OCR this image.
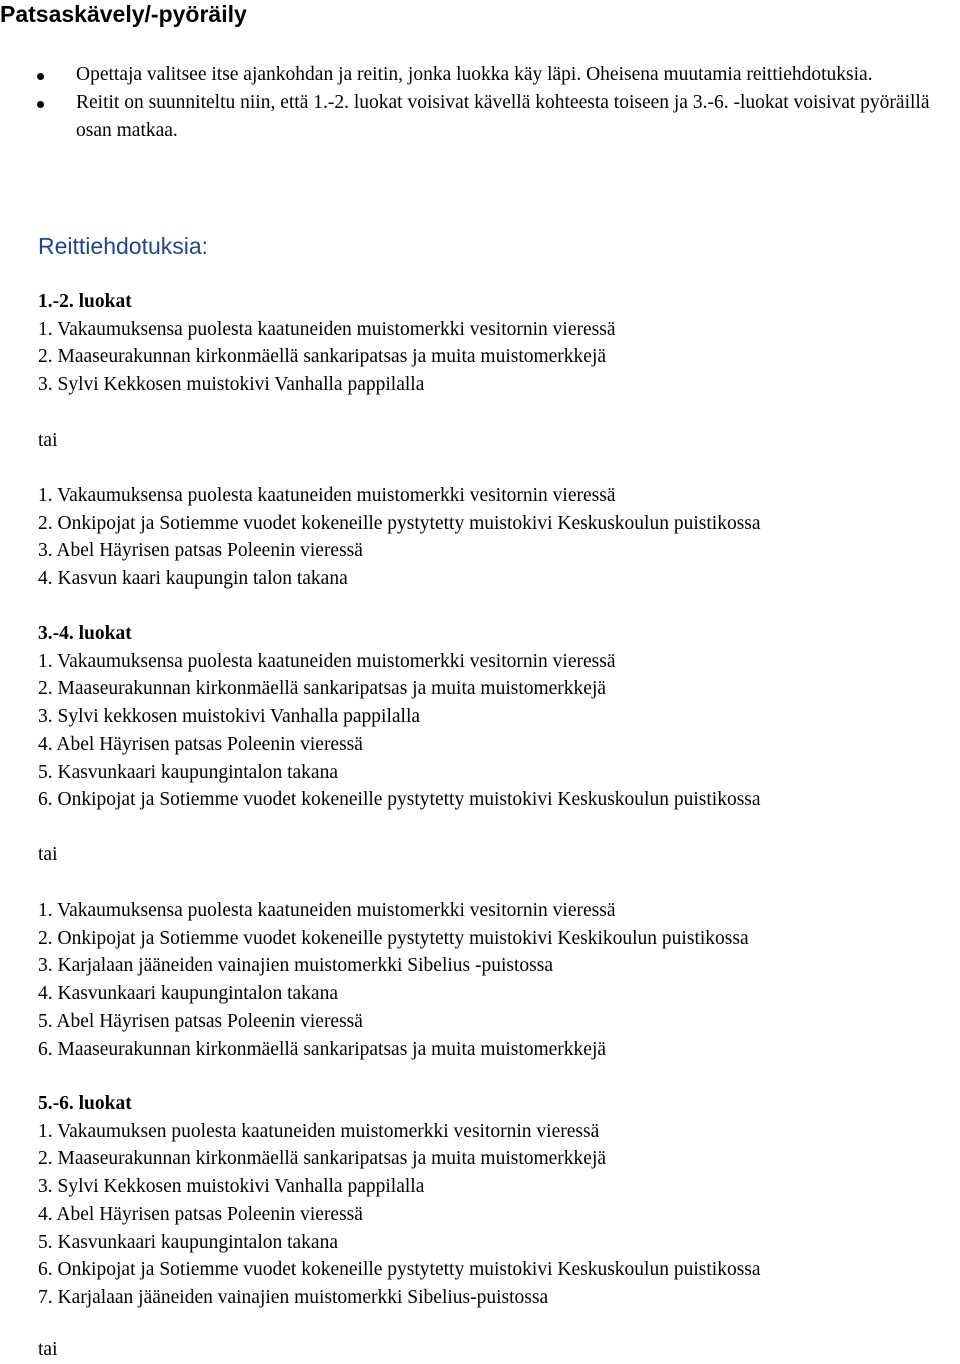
Patsaskävely/-pyöräily
Opettaja valitsee itse ajankohdan ja reitin, jonka luokka käy läpi. Oheisena muutamia reittiehdotuksia.
Reitit on suunniteltu niin, että 1.-2. luokat voisivat kävellä kohteesta toiseen ja 3.-6. -luokat voisivat pyöräillä osan matkaa.
Reittiehdotuksia:
1.-2. luokat
1. Vakaumuksensa puolesta kaatuneiden muistomerkki vesitornin vieressä
2. Maaseurakunnan kirkonmäellä sankaripatsas ja muita muistomerkkejä
3. Sylvi Kekkosen muistokivi Vanhalla pappilalla
tai
1. Vakaumuksensa puolesta kaatuneiden muistomerkki vesitornin vieressä
2. Onkipojat ja Sotiemme vuodet kokeneille pystytetty muistokivi Keskuskoulun puistikossa
3. Abel Häyrisen patsas Poleenin vieressä
4. Kasvun kaari kaupungin talon takana
3.-4. luokat
1. Vakaumuksensa puolesta kaatuneiden muistomerkki vesitornin vieressä
2. Maaseurakunnan kirkonmäellä sankaripatsas ja muita muistomerkkejä
3. Sylvi kekkosen muistokivi Vanhalla pappilalla
4. Abel Häyrisen patsas Poleenin vieressä
5. Kasvunkaari kaupungintalon takana
6. Onkipojat ja Sotiemme vuodet kokeneille pystytetty muistokivi Keskuskoulun puistikossa
tai
1. Vakaumuksensa puolesta kaatuneiden muistomerkki vesitornin vieressä
2. Onkipojat ja Sotiemme vuodet kokeneille pystytetty muistokivi Keskikoulun puistikossa
3. Karjalaan jääneiden vainajien muistomerkki Sibelius -puistossa
4. Kasvunkaari kaupungintalon takana
5. Abel Häyrisen patsas Poleenin vieressä
6. Maaseurakunnan kirkonmäellä sankaripatsas ja muita muistomerkkejä
5.-6. luokat
1. Vakaumuksen puolesta kaatuneiden muistomerkki vesitornin vieressä
2. Maaseurakunnan kirkonmäellä sankaripatsas ja muita muistomerkkejä
3. Sylvi Kekkosen muistokivi Vanhalla pappilalla
4. Abel Häyrisen patsas Poleenin vieressä
5. Kasvunkaari kaupungintalon takana
6. Onkipojat ja Sotiemme vuodet kokeneille pystytetty muistokivi Keskuskoulun puistikossa
7. Karjalaan jääneiden vainajien muistomerkki Sibelius-puistossa
tai
